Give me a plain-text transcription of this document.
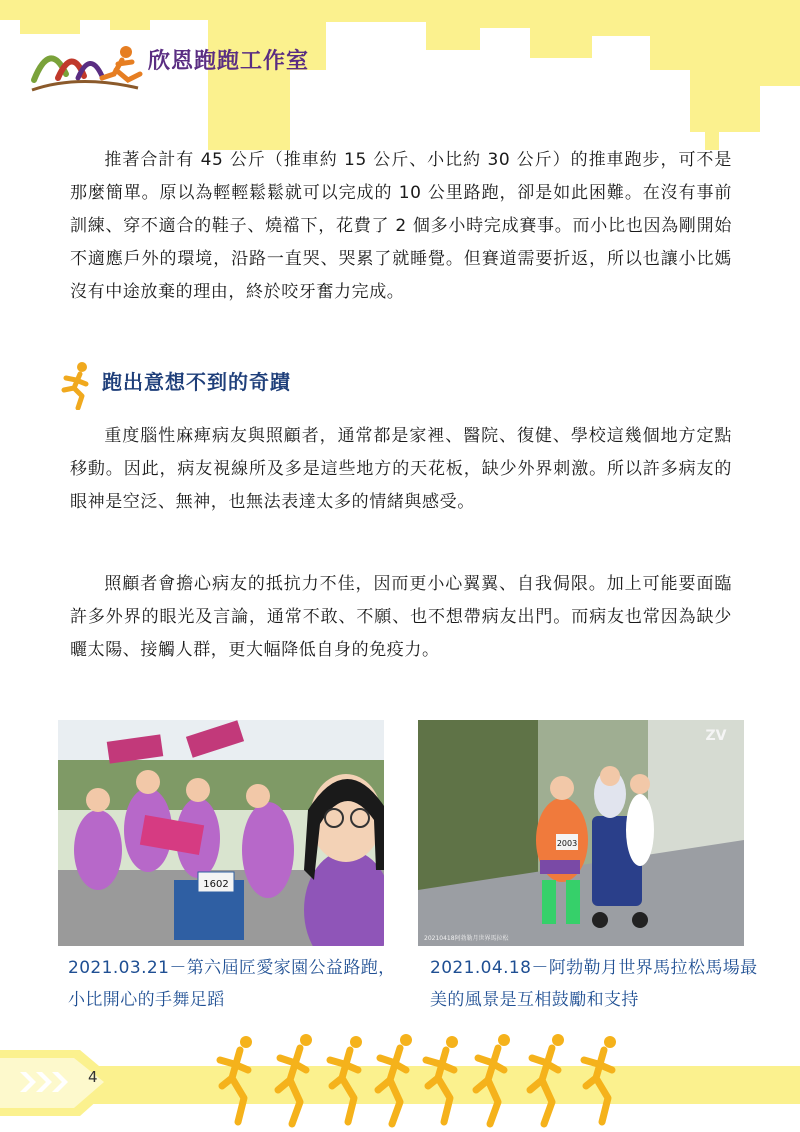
欣恩跑跑工作室

推著合計有 45 公斤（推車約 15 公斤、小比約 30 公斤）的推車跑步，可不是那麼簡單。原以為輕輕鬆鬆就可以完成的 10 公里路跑，卻是如此困難。在沒有事前訓練、穿不適合的鞋子、燒襠下，花費了 2 個多小時完成賽事。而小比也因為剛開始不適應戶外的環境，沿路一直哭、哭累了就睡覺。但賽道需要折返，所以也讓小比媽沒有中途放棄的理由，終於咬牙奮力完成。

跑出意想不到的奇蹟

重度腦性麻痺病友與照顧者，通常都是家裡、醫院、復健、學校這幾個地方定點移動。因此，病友視線所及多是這些地方的天花板，缺少外界刺激。所以許多病友的眼神是空泛、無神，也無法表達太多的情緒與感受。

照顧者會擔心病友的抵抗力不佳，因而更小心翼翼、自我侷限。加上可能要面臨許多外界的眼光及言論，通常不敢、不願、也不想帶病友出門。而病友也常因為缺少曬太陽、接觸人群，更大幅降低自身的免疫力。

1602
2003
ZV
20210418阿勃勒月世界馬拉松
2021.03.21－第六屆匠愛家園公益路跑，小比開心的手舞足蹈
2021.04.18－阿勃勒月世界馬拉松馬場最美的風景是互相鼓勵和支持
4
